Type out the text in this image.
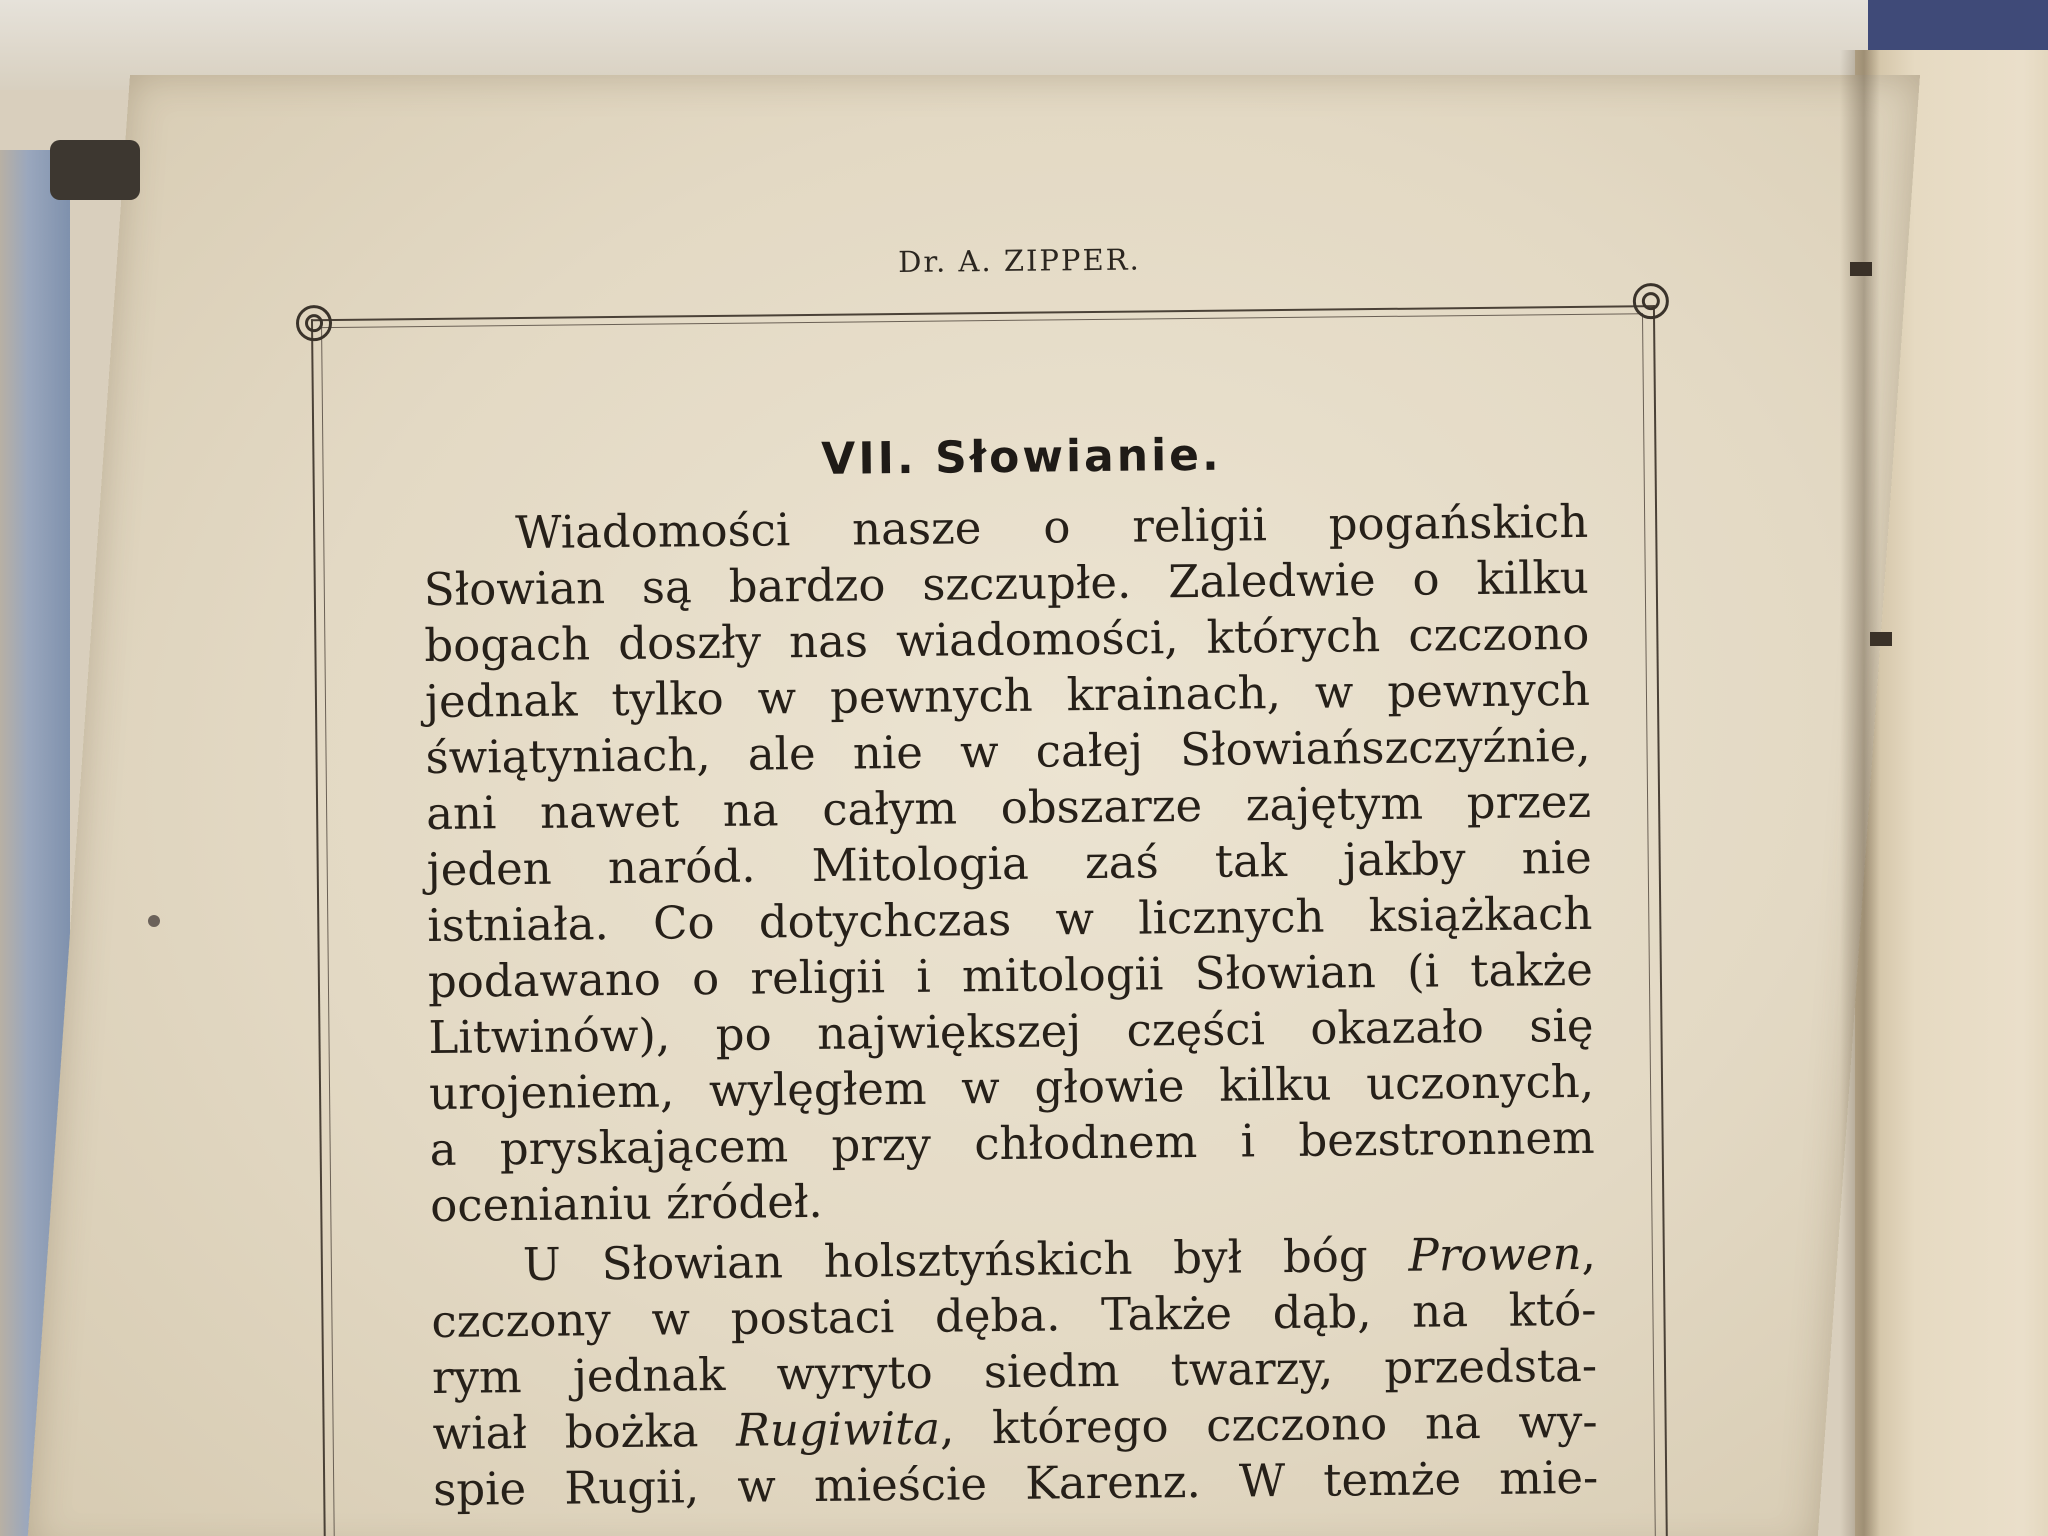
Dr. A. ZIPPER.
VII. Słowianie.
Wiadomości nasze o religii pogańskich
Słowian są bardzo szczupłe. Zaledwie o kilku
bogach doszły nas wiadomości, których czczono
jednak tylko w pewnych krainach, w pewnych
świątyniach, ale nie w całej Słowiańszczyźnie,
ani nawet na całym obszarze zajętym przez
jeden naród. Mitologia zaś tak jakby nie
istniała. Co dotychczas w licznych książkach
podawano o religii i mitologii Słowian (i także
Litwinów), po największej części okazało się
urojeniem, wylęgłem w głowie kilku uczonych,
a pryskającem przy chłodnem i bezstronnem
ocenianiu źródeł.
U Słowian holsztyńskich był bóg Prowen,
czczony w postaci dęba. Także dąb, na któ-
rym jednak wyryto siedm twarzy, przedsta-
wiał bożka Rugiwita, którego czczono na wy-
spie Rugii, w mieście Karenz. W temże mie-
